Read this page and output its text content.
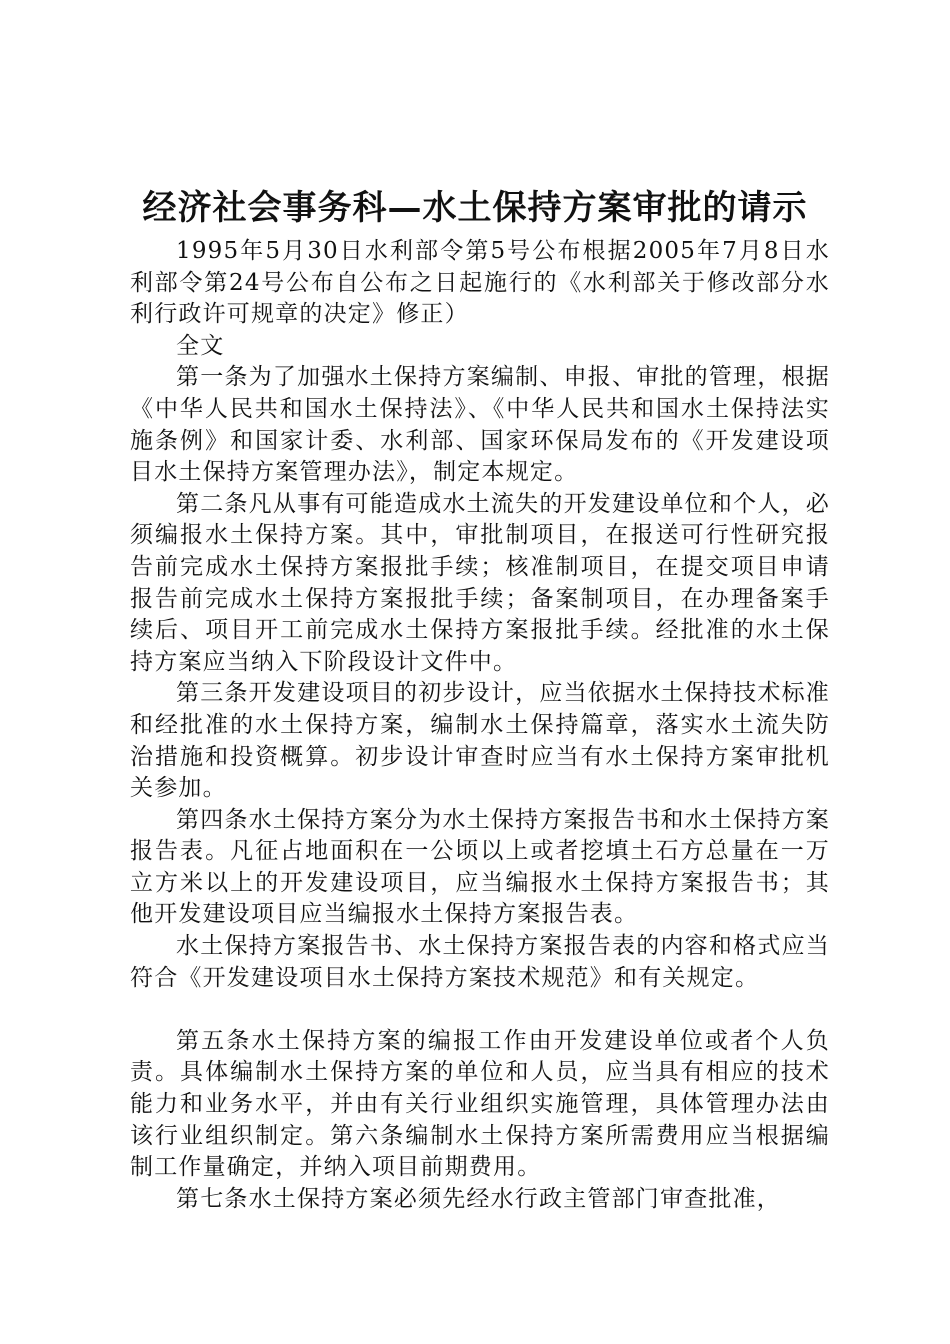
经济社会事务科—水土保持方案审批的请示

1995年5月30日水利部令第5号公布根据2005年7月8日水利部令第24号公布自公布之日起施行的《水利部关于修改部分水利行政许可规章的决定》修正）

全文

第一条为了加强水土保持方案编制、申报、审批的管理，根据《中华人民共和国水土保持法》、《中华人民共和国水土保持法实施条例》和国家计委、水利部、国家环保局发布的《开发建设项目水土保持方案管理办法》，制定本规定。

第二条凡从事有可能造成水土流失的开发建设单位和个人，必须编报水土保持方案。其中，审批制项目，在报送可行性研究报告前完成水土保持方案报批手续；核准制项目，在提交项目申请报告前完成水土保持方案报批手续；备案制项目，在办理备案手续后、项目开工前完成水土保持方案报批手续。经批准的水土保持方案应当纳入下阶段设计文件中。

第三条开发建设项目的初步设计，应当依据水土保持技术标准和经批准的水土保持方案，编制水土保持篇章，落实水土流失防治措施和投资概算。初步设计审查时应当有水土保持方案审批机关参加。

第四条水土保持方案分为水土保持方案报告书和水土保持方案报告表。凡征占地面积在一公顷以上或者挖填土石方总量在一万立方米以上的开发建设项目，应当编报水土保持方案报告书；其他开发建设项目应当编报水土保持方案报告表。

水土保持方案报告书、水土保持方案报告表的内容和格式应当符合《开发建设项目水土保持方案技术规范》和有关规定。

第五条水土保持方案的编报工作由开发建设单位或者个人负责。具体编制水土保持方案的单位和人员，应当具有相应的技术能力和业务水平，并由有关行业组织实施管理，具体管理办法由该行业组织制定。第六条编制水土保持方案所需费用应当根据编制工作量确定，并纳入项目前期费用。

第七条水土保持方案必须先经水行政主管部门审查批准，
